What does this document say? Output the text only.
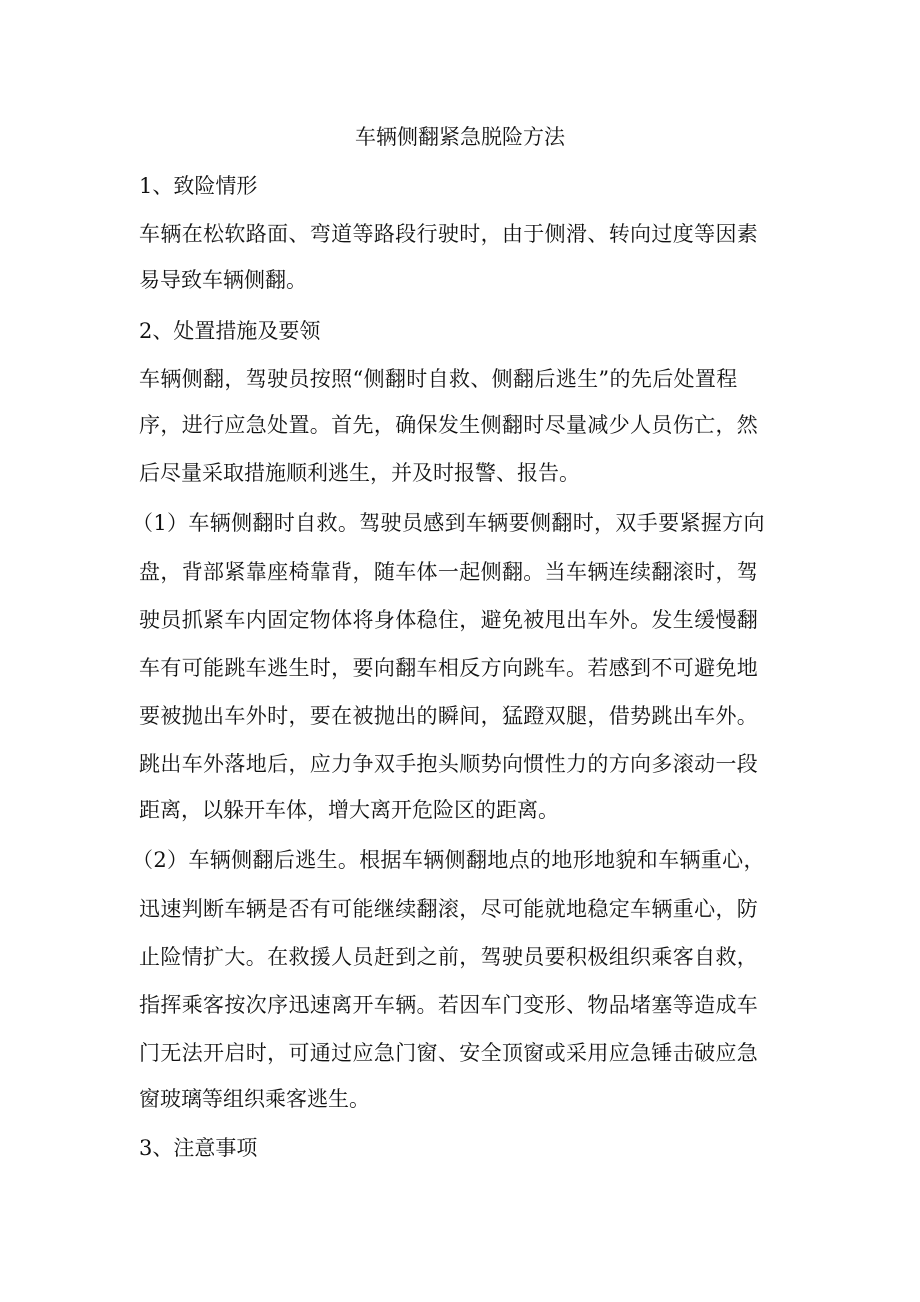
车辆侧翻紧急脱险方法
1、致险情形
车辆在松软路面、弯道等路段行驶时，由于侧滑、转向过度等因素
易导致车辆侧翻。
2、处置措施及要领
车辆侧翻，驾驶员按照“侧翻时自救、侧翻后逃生”的先后处置程
序，进行应急处置。首先，确保发生侧翻时尽量减少人员伤亡，然
后尽量采取措施顺利逃生，并及时报警、报告。
（1）车辆侧翻时自救。驾驶员感到车辆要侧翻时，双手要紧握方向
盘，背部紧靠座椅靠背，随车体一起侧翻。当车辆连续翻滚时，驾
驶员抓紧车内固定物体将身体稳住，避免被甩出车外。发生缓慢翻
车有可能跳车逃生时，要向翻车相反方向跳车。若感到不可避免地
要被抛出车外时，要在被抛出的瞬间，猛蹬双腿，借势跳出车外。
跳出车外落地后，应力争双手抱头顺势向惯性力的方向多滚动一段
距离，以躲开车体，增大离开危险区的距离。
（2）车辆侧翻后逃生。根据车辆侧翻地点的地形地貌和车辆重心，
迅速判断车辆是否有可能继续翻滚，尽可能就地稳定车辆重心，防
止险情扩大。在救援人员赶到之前，驾驶员要积极组织乘客自救，
指挥乘客按次序迅速离开车辆。若因车门变形、物品堵塞等造成车
门无法开启时，可通过应急门窗、安全顶窗或采用应急锤击破应急
窗玻璃等组织乘客逃生。
3、注意事项
